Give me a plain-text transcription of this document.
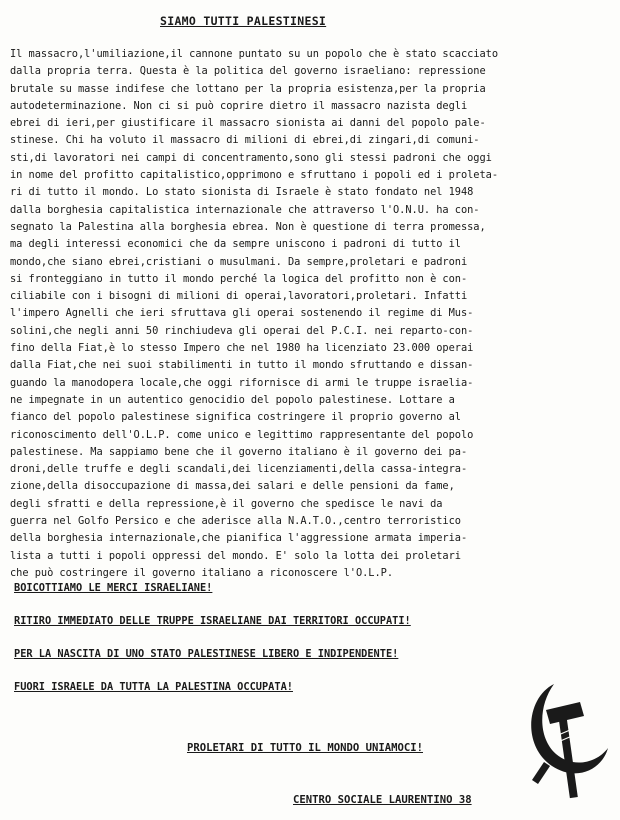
SIAMO TUTTI PALESTINESI
Il massacro,l'umiliazione,il cannone puntato su un popolo che è stato scacciato
dalla propria terra. Questa è la politica del governo israeliano: repressione
brutale su masse indifese che lottano per la propria esistenza,per la propria
autodeterminazione. Non ci si può coprire dietro il massacro nazista degli
ebrei di ieri,per giustificare il massacro sionista ai danni del popolo pale-
stinese. Chi ha voluto il massacro di milioni di ebrei,di zingari,di comuni-
sti,di lavoratori nei campi di concentramento,sono gli stessi padroni che oggi
in nome del profitto capitalistico,opprimono e sfruttano i popoli ed i proleta-
ri di tutto il mondo. Lo stato sionista di Israele è stato fondato nel 1948
dalla borghesia capitalistica internazionale che attraverso l'O.N.U. ha con-
segnato la Palestina alla borghesia ebrea. Non è questione di terra promessa,
ma degli interessi economici che da sempre uniscono i padroni di tutto il
mondo,che siano ebrei,cristiani o musulmani. Da sempre,proletari e padroni
si fronteggiano in tutto il mondo perché la logica del profitto non è con-
ciliabile con i bisogni di milioni di operai,lavoratori,proletari. Infatti
l'impero Agnelli che ieri sfruttava gli operai sostenendo il regime di Mus-
solini,che negli anni 50 rinchiudeva gli operai del P.C.I. nei reparto-con-
fino della Fiat,è lo stesso Impero che nel 1980 ha licenziato 23.000 operai
dalla Fiat,che nei suoi stabilimenti in tutto il mondo sfruttando e dissan-
guando la manodopera locale,che oggi rifornisce di armi le truppe israelia-
ne impegnate in un autentico genocidio del popolo palestinese. Lottare a
fianco del popolo palestinese significa costringere il proprio governo al
riconoscimento dell'O.L.P. come unico e legittimo rappresentante del popolo
palestinese. Ma sappiamo bene che il governo italiano è il governo dei pa-
droni,delle truffe e degli scandali,dei licenziamenti,della cassa-integra-
zione,della disoccupazione di massa,dei salari e delle pensioni da fame,
degli sfratti e della repressione,è il governo che spedisce le navi da
guerra nel Golfo Persico e che aderisce alla N.A.T.O.,centro terroristico
della borghesia internazionale,che pianifica l'aggressione armata imperia-
lista a tutti i popoli oppressi del mondo. E' solo la lotta dei proletari
che può costringere il governo italiano a riconoscere l'O.L.P.
BOICOTTIAMO LE MERCI ISRAELIANE!
RITIRO IMMEDIATO DELLE TRUPPE ISRAELIANE DAI TERRITORI OCCUPATI!
PER LA NASCITA DI UNO STATO PALESTINESE LIBERO E INDIPENDENTE!
FUORI ISRAELE DA TUTTA LA PALESTINA OCCUPATA!
PROLETARI DI TUTTO IL MONDO UNIAMOCI!
CENTRO SOCIALE LAURENTINO 38
